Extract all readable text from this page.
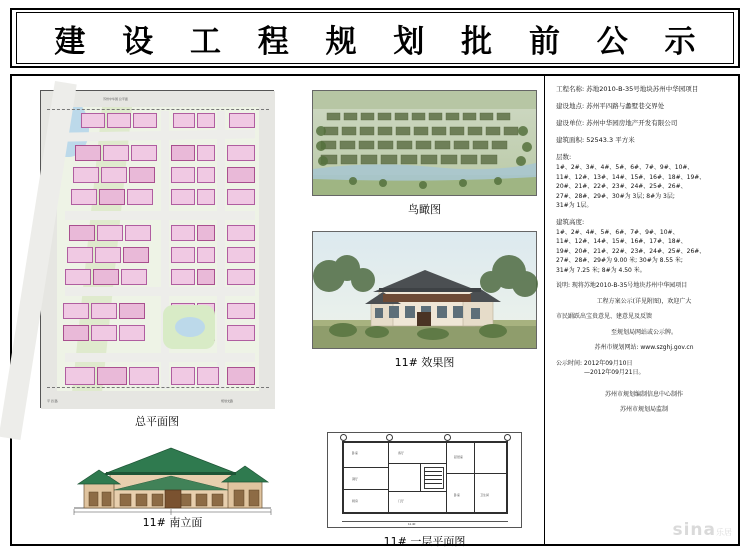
建 设 工 程 规 划 批 前 公 示
苏州中华园 总平面
平 四 路	规划支路
总平面图
鸟瞰图
11# 效果图
11# 南立面
卧室
餐厅
厨房
客厅
门厅
起居室
卧室	卫生间
11.40
11# 一层平面图
工程名称: 苏地2010-B-35号地块苏州中华园项目
建设地点: 苏州平四路与蠡墅巷交界处
建设单位: 苏州中华园房地产开发有限公司
建筑面积: 52543.3 平方米
层数:
1#、2#、3#、4#、5#、6#、7#、9#、10#、
11#、12#、13#、14#、15#、16#、18#、19#、
20#、21#、22#、23#、24#、25#、26#、
27#、28#、29#、30#为 3层; 8#为 3层;
31#为 1层。
建筑高度:
1#、2#、4#、5#、6#、7#、9#、10#、
11#、12#、14#、15#、16#、17#、18#、
19#、20#、21#、22#、23#、24#、25#、26#、
27#、28#、29#为 9.00 米; 30#为 8.55 米;
31#为 7.25 米; 8#为 4.50 米。
说明: 现将苏地2010-B-35号地块苏州中华园项目
工程方案公示(详见附图)，欢迎广大
市民踊跃出宝贵意见、建意见及反馈
至规划局网站或公示牌。
苏州市规划网站: www.szghj.gov.cn
公示时间: 2012年09月10日
—2012年09月21日。
苏州市规划编制信息中心制作
苏州市规划局监制
sina乐居
